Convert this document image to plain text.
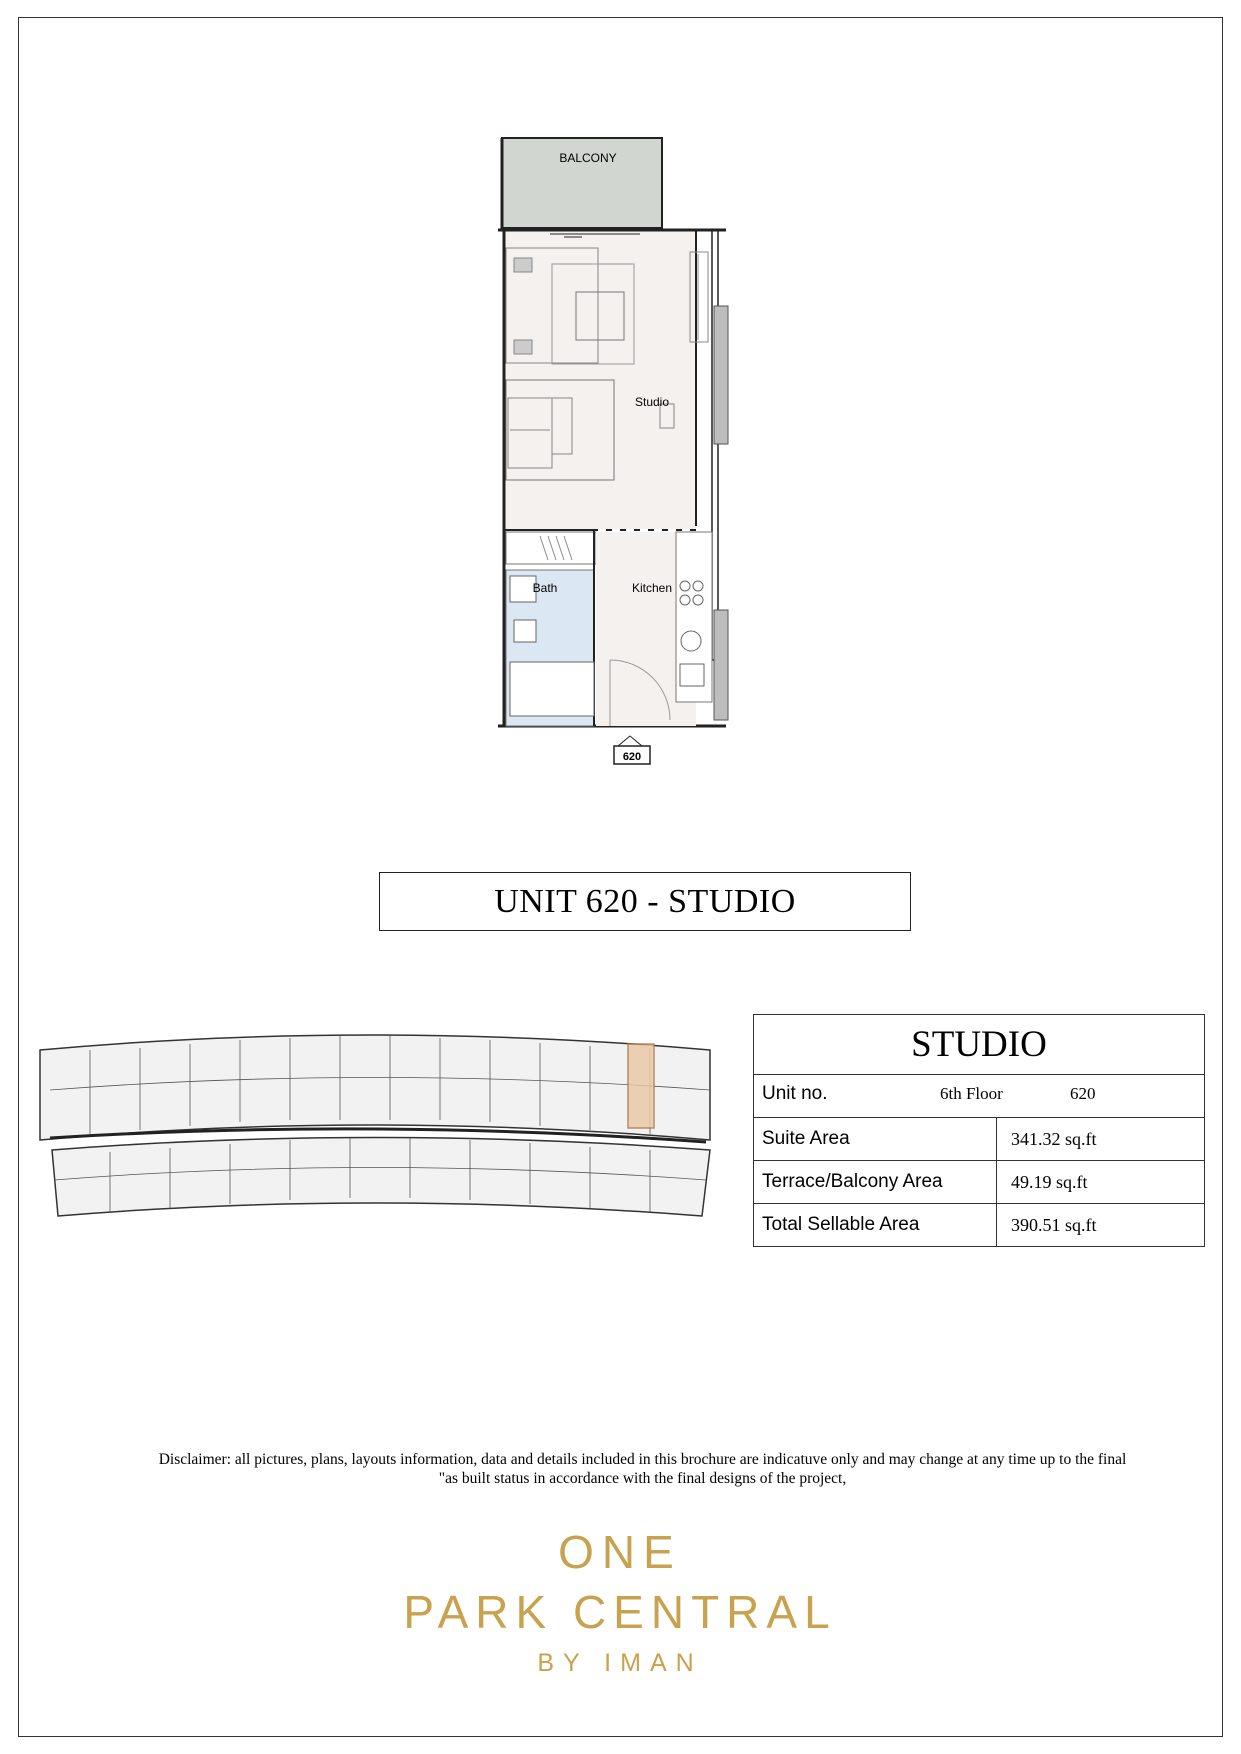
BALCONY
Studio
Bath	Kitchen
620
UNIT 620 - STUDIO
STUDIO	

Unit no. 6th Floor 620	

Suite Area	341.32 sq.ft
Terrace/Balcony Area	49.19 sq.ft
Total Sellable Area	390.51 sq.ft
Disclaimer: all pictures, plans, layouts information, data and details included in this brochure are indicatuve only and may change at any time up to the final
"as built status in accordance with the final designs of the project,
ONE
PARK CENTRAL
BY IMAN
